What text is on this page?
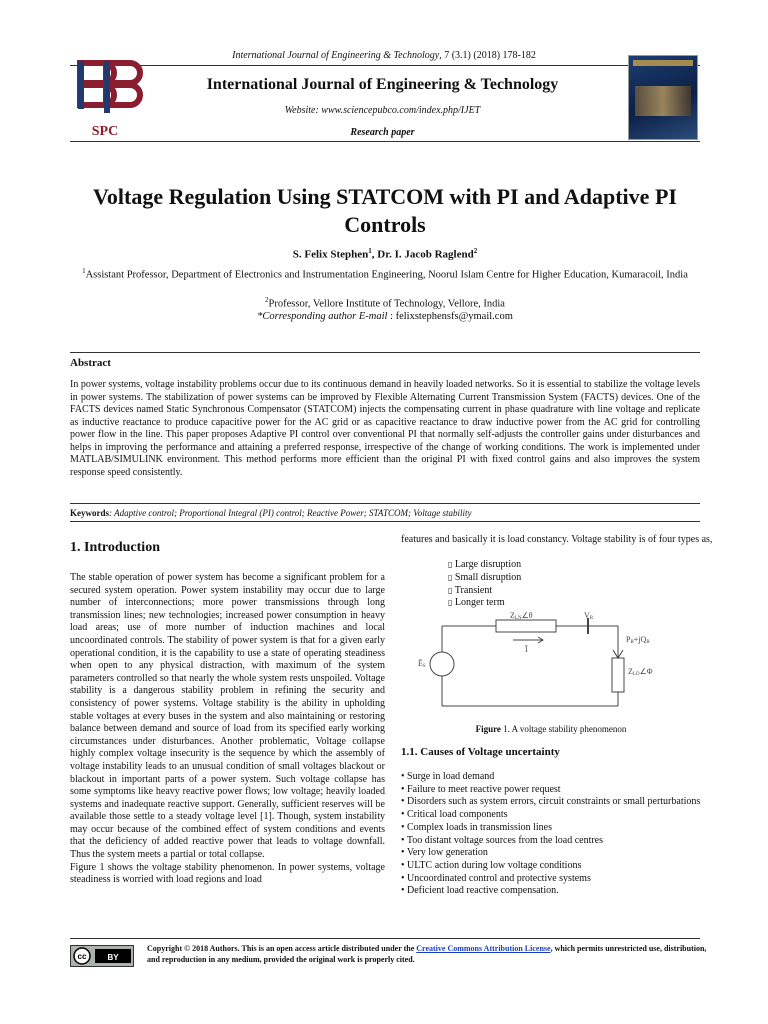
International Journal of Engineering & Technology, 7 (3.1) (2018) 178-182
SPC
International Journal of Engineering & Technology
Website: www.sciencepubco.com/index.php/IJET
Research paper
Voltage Regulation Using STATCOM with PI and Adaptive PI Controls
S. Felix Stephen$^1$, Dr. I. Jacob Raglend$^2$
$^1$Assistant Professor, Department of Electronics and Instrumentation Engineering, Noorul Islam Centre for Higher Education, Kumaracoil, India
$^2$Professor, Vellore Institute of Technology, Vellore, India
*Corresponding author E-mail : felixstephensfs@ymail.com
Abstract
In power systems, voltage instability problems occur due to its continuous demand in heavily loaded networks. So it is essential to stabilize the voltage levels in power systems. The stabilization of power systems can be improved by Flexible Alternating Current Transmission System (FACTS) devices. One of the FACTS devices named Static Synchronous Compensator (STATCOM) injects the compensating current in phase quadrature with line voltage and replicate as inductive reactance to produce capacitive power for the AC grid or as capacitive reactance to draw inductive power from the AC grid for controlling power flow in the line. This paper proposes Adaptive PI control over conventional PI that normally self-adjusts the controller gains under disturbances and helps in improving the performance and attaining a preferred response, irrespective of the change of working conditions. The work is implemented under MATLAB/SIMULINK environment. This method performs more efficient than the original PI with fixed control gains and also improves the system response speed consistently.
Keywords: Adaptive control; Proportional Integral (PI) control; Reactive Power; STATCOM; Voltage stability
1. Introduction
The stable operation of power system has become a significant problem for a secured system operation. Power system instability may occur due to large number of interconnections; more power transmissions through long transmission lines; new technologies; increased power consumption in heavy load areas; use of more number of induction machines and local uncoordinated controls. The stability of power system is that for a given early operational condition, it is the capability to use a state of operating steadiness when open to any physical distraction, with maximum of the system parameters controlled so that nearly the whole system rests unspoiled. Voltage stability is a dangerous stability problem in refining the security and consistency of power systems. Voltage stability is the ability in upholding stable voltages at every buses in the system and also maintaining or restoring balance between demand and source of load from its specified early working circumstances under disturbances. Another problematic, Voltage collapse highly complex voltage insecurity is the sequence by which the assembly of voltage instability leads to an unusual condition of small voltages blackout or blackout in important parts of a power system. Such voltage collapse has some symptoms like heavy reactive power flows; low voltage; heavily loaded systems and inadequate reactive support. Generally, sufficient reserves will be available those settle to a steady voltage level [1]. Though, system instability may occur because of the combined effect of system conditions and events that the deficiency of added reactive power that leads to voltage downfall. Thus the system meets a partial or total collapse.
Figure 1 shows the voltage stability phenomenon. In power systems, voltage steadiness is worried with load regions and load
features and basically it is load constancy. Voltage stability is of four types as,
▯ Large disruption
▯ Small disruption
▯ Transient
▯ Longer term
ZLN∠θ
Ī
ĒS
VR
PR+jQR
ZLD∠Φ
Figure 1. A voltage stability phenomenon
1.1. Causes of Voltage uncertainty
• Surge in load demand
• Failure to meet reactive power request
• Disorders such as system errors, circuit constraints or small perturbations
• Critical load components
• Complex loads in transmission lines
• Too distant voltage sources from the load centres
• Very low generation
• ULTC action during low voltage conditions
• Uncoordinated control and protective systems
• Deficient load reactive compensation.
cc	BY
Copyright © 2018 Authors. This is an open access article distributed under the Creative Commons Attribution License, which permits unrestricted use, distribution, and reproduction in any medium, provided the original work is properly cited.
